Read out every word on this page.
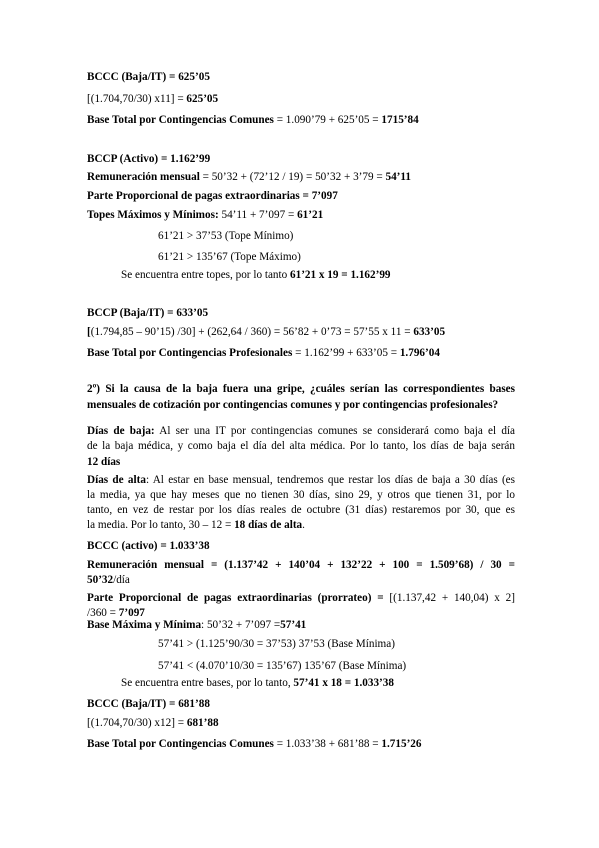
BCCC (Baja/IT) = 625’05
[(1.704,70/30) x11] = 625’05
Base Total por Contingencias Comunes = 1.090’79 + 625’05 = 1715’84
BCCP (Activo) = 1.162’99
Remuneración mensual = 50’32 + (72’12 / 19) = 50’32 + 3’79 = 54’11
Parte Proporcional de pagas extraordinarias = 7’097
Topes Máximos y Mínimos: 54’11 + 7’097 = 61’21
61’21 > 37’53 (Tope Mínimo)
61’21 > 135’67 (Tope Máximo)
Se encuentra entre topes, por lo tanto 61’21 x 19 = 1.162’99
BCCP (Baja/IT) = 633’05
[(1.794,85 – 90’15) /30] + (262,64 / 360) = 56’82 + 0’73 = 57’55 x 11 = 633’05
Base Total por Contingencias Profesionales = 1.162’99 + 633’05 = 1.796’04
2º) Si la causa de la baja fuera una gripe, ¿cuáles serían las correspondientes bases
mensuales de cotización por contingencias comunes y por contingencias profesionales?
Días de baja: Al ser una IT por contingencias comunes se considerará como baja el día
de la baja médica, y como baja el día del alta médica. Por lo tanto, los días de baja serán
12 días
Días de alta: Al estar en base mensual, tendremos que restar los días de baja a 30 días (es
la media, ya que hay meses que no tienen 30 días, sino 29, y otros que tienen 31, por lo
tanto, en vez de restar por los días reales de octubre (31 días) restaremos por 30, que es
la media. Por lo tanto, 30 – 12 = 18 días de alta.
BCCC (activo) = 1.033’38
Remuneración mensual = (1.137’42 + 140’04 + 132’22 + 100 = 1.509’68) / 30 =
50’32/día
Parte Proporcional de pagas extraordinarias (prorrateo) = [(1.137,42 + 140,04) x 2]
/360 = 7’097
Base Máxima y Mínima: 50’32 + 7’097 =57’41
57’41 > (1.125’90/30 = 37’53) 37’53 (Base Mínima)
57’41 < (4.070’10/30 = 135’67) 135’67 (Base Mínima)
Se encuentra entre bases, por lo tanto, 57’41 x 18 = 1.033’38
BCCC (Baja/IT) = 681’88
[(1.704,70/30) x12] = 681’88
Base Total por Contingencias Comunes = 1.033’38 + 681’88 = 1.715’26
